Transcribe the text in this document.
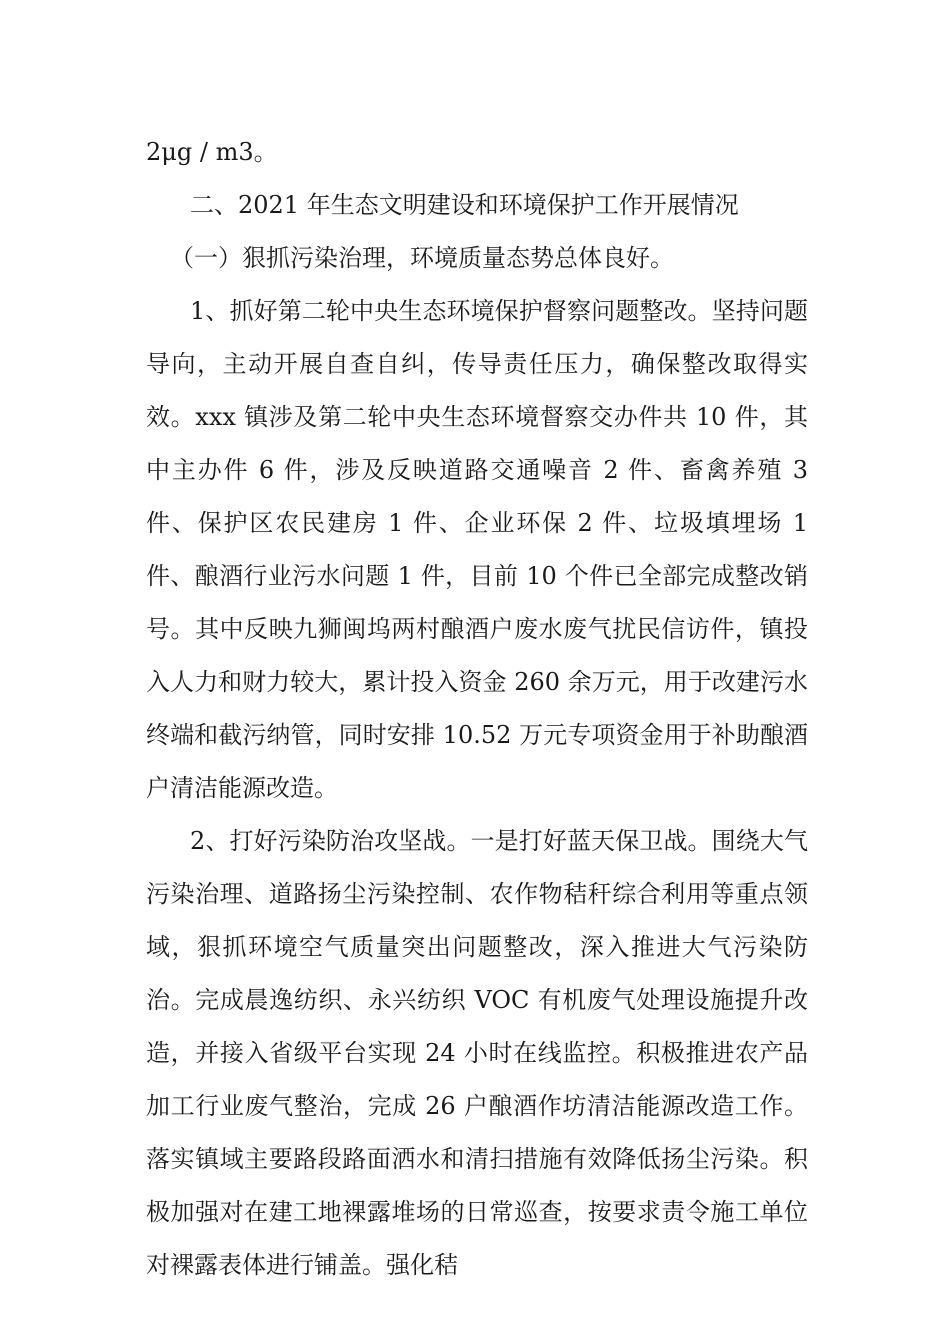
2μg / m3。

二、2021 年生态文明建设和环境保护工作开展情况

（一）狠抓污染治理，环境质量态势总体良好。

1、抓好第二轮中央生态环境保护督察问题整改。坚持问题导向，主动开展自查自纠，传导责任压力，确保整改取得实效。xxx 镇涉及第二轮中央生态环境督察交办件共 10 件，其中主办件 6 件，涉及反映道路交通噪音 2 件、畜禽养殖 3 件、保护区农民建房 1 件、企业环保 2 件、垃圾填埋场 1 件、酿酒行业污水问题 1 件，目前 10 个件已全部完成整改销号。其中反映九狮闽坞两村酿酒户废水废气扰民信访件，镇投入人力和财力较大，累计投入资金 260 余万元，用于改建污水终端和截污纳管，同时安排 10.52 万元专项资金用于补助酿酒户清洁能源改造。

2、打好污染防治攻坚战。一是打好蓝天保卫战。围绕大气污染治理、道路扬尘污染控制、农作物秸秆综合利用等重点领域，狠抓环境空气质量突出问题整改，深入推进大气污染防治。完成晨逸纺织、永兴纺织 VOC 有机废气处理设施提升改造，并接入省级平台实现 24 小时在线监控。积极推进农产品加工行业废气整治，完成 26 户酿酒作坊清洁能源改造工作。落实镇域主要路段路面洒水和清扫措施有效降低扬尘污染。积极加强对在建工地裸露堆场的日常巡查，按要求责令施工单位对裸露表体进行铺盖。强化秸
